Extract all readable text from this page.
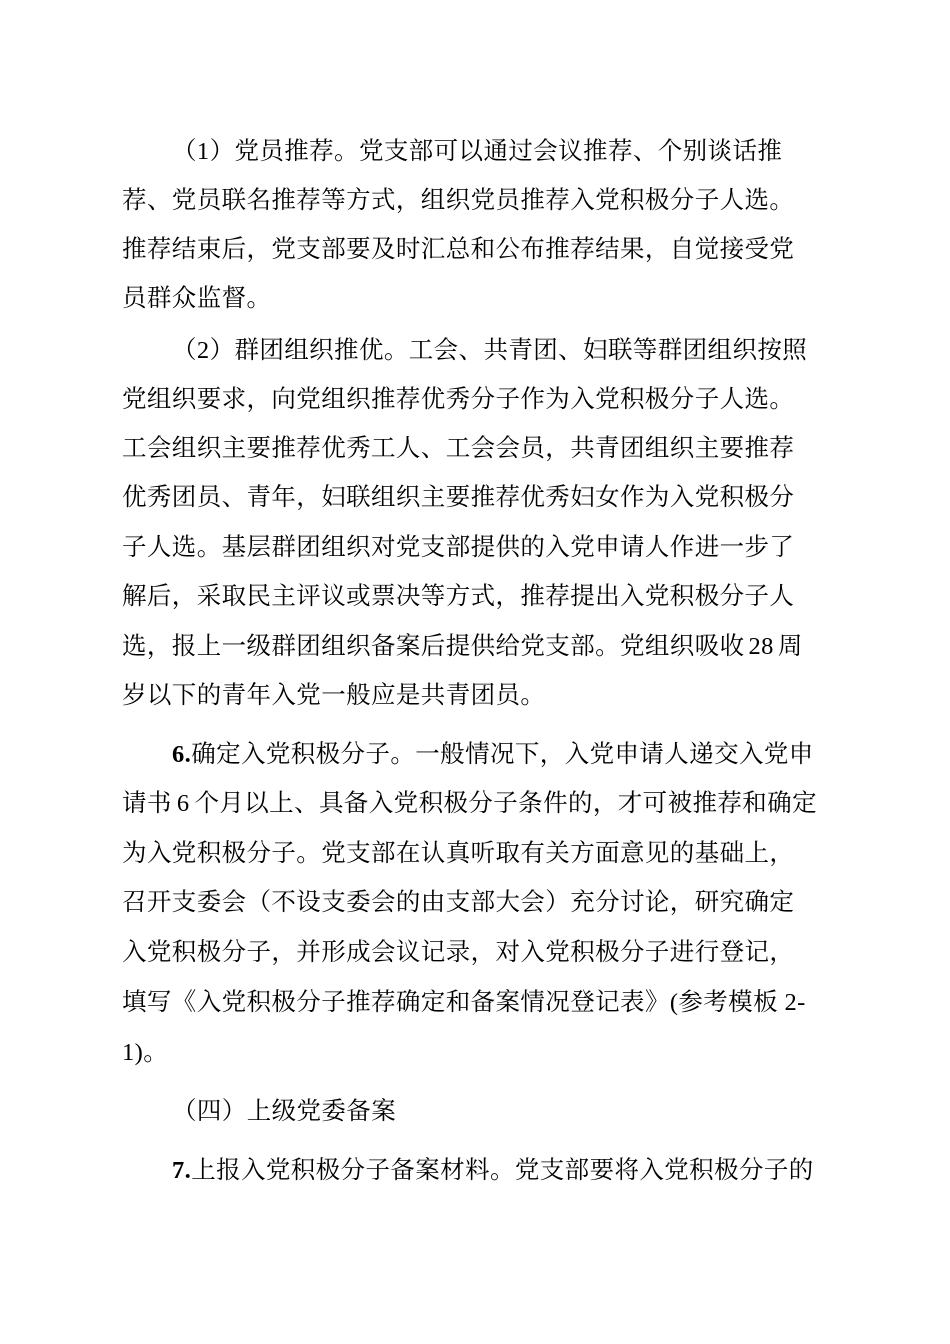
（1）党员推荐。党支部可以通过会议推荐、个别谈话推
荐、党员联名推荐等方式，组织党员推荐入党积极分子人选。
推荐结束后，党支部要及时汇总和公布推荐结果，自觉接受党
员群众监督。
（2）群团组织推优。工会、共青团、妇联等群团组织按照
党组织要求，向党组织推荐优秀分子作为入党积极分子人选。
工会组织主要推荐优秀工人、工会会员，共青团组织主要推荐
优秀团员、青年，妇联组织主要推荐优秀妇女作为入党积极分
子人选。基层群团组织对党支部提供的入党申请人作进一步了
解后，采取民主评议或票决等方式，推荐提出入党积极分子人
选，报上一级群团组织备案后提供给党支部。党组织吸收 28 周
岁以下的青年入党一般应是共青团员。
6.确定入党积极分子。一般情况下，入党申请人递交入党申
请书 6 个月以上、具备入党积极分子条件的，才可被推荐和确定
为入党积极分子。党支部在认真听取有关方面意见的基础上，
召开支委会（不设支委会的由支部大会）充分讨论，研究确定
入党积极分子，并形成会议记录，对入党积极分子进行登记，
填写《入党积极分子推荐确定和备案情况登记表》(参考模板 2-
1)。
（四）上级党委备案
7.上报入党积极分子备案材料。党支部要将入党积极分子的
